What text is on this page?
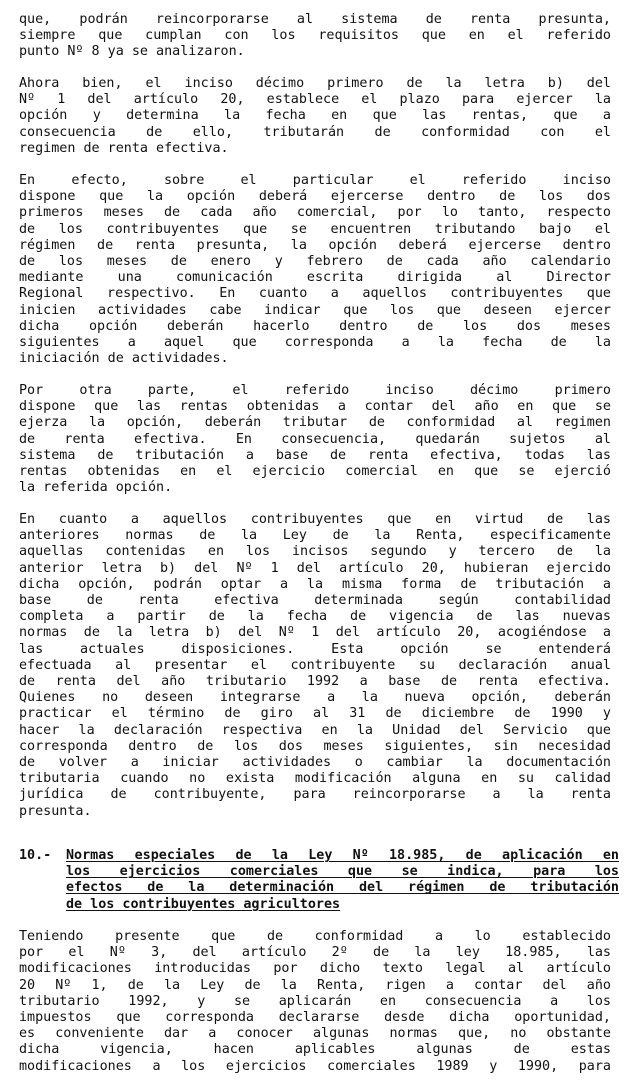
que, podrán reincorporarse al sistema de renta presunta,
siempre que cumplan con los requisitos que en el referido
punto Nº 8 ya se analizaron.
Ahora bien, el inciso décimo primero de la letra b) del
Nº 1 del artículo 20, establece el plazo para ejercer la
opción y determina la fecha en que las rentas, que a
consecuencia de ello, tributarán de conformidad con el
regimen de renta efectiva.
En efecto, sobre el particular el referido inciso
dispone que la opción deberá ejercerse dentro de los dos
primeros meses de cada año comercial, por lo tanto, respecto
de los contribuyentes que se encuentren tributando bajo el
régimen de renta presunta, la opción deberá ejercerse dentro
de los meses de enero y febrero de cada año calendario
mediante una comunicación escrita dirigida al Director
Regional respectivo. En cuanto a aquellos contribuyentes que
inicien actividades cabe indicar que los que deseen ejercer
dicha opción deberán hacerlo dentro de los dos meses
siguientes a aquel que corresponda a la fecha de la
iniciación de actividades.
Por otra parte, el referido inciso décimo primero
dispone que las rentas obtenidas a contar del año en que se
ejerza la opción, deberán tributar de conformidad al regimen
de renta efectiva. En consecuencia, quedarán sujetos al
sistema de tributación a base de renta efectiva, todas las
rentas obtenidas en el ejercicio comercial en que se ejerció
la referida opción.
En cuanto a aquellos contribuyentes que en virtud de las
anteriores normas de la Ley de la Renta, especificamente
aquellas contenidas en los incisos segundo y tercero de la
anterior letra b) del Nº 1 del artículo 20, hubieran ejercido
dicha opción, podrán optar a la misma forma de tributación a
base de renta efectiva determinada según contabilidad
completa a partir de la fecha de vigencia de las nuevas
normas de la letra b) del Nº 1 del artículo 20, acogiéndose a
las actuales disposiciones. Esta opción se entenderá
efectuada al presentar el contribuyente su declaración anual
de renta del año tributario 1992 a base de renta efectiva.
Quienes no deseen integrarse a la nueva opción, deberán
practicar el término de giro al 31 de diciembre de 1990 y
hacer la declaración respectiva en la Unidad del Servicio que
corresponda dentro de los dos meses siguientes, sin necesidad
de volver a iniciar actividades o cambiar la documentación
tributaria cuando no exista modificación alguna en su calidad
jurídica de contribuyente, para reincorporarse a la renta
presunta.
10.- Normas especiales de la Ley Nº 18.985, de aplicación en
los ejercicios comerciales que se indica, para los
efectos de la determinación del régimen de tributación
de los contribuyentes agricultores
Teniendo presente que de conformidad a lo establecido
por el Nº 3, del artículo 2º de la ley 18.985, las
modificaciones introducidas por dicho texto legal al artículo
20 Nº 1, de la Ley de la Renta, rigen a contar del año
tributario 1992, y se aplicarán en consecuencia a los
impuestos que corresponda declararse desde dicha oportunidad,
es conveniente dar a conocer algunas normas que, no obstante
dicha vigencia, hacen aplicables algunas de estas
modificaciones a los ejercicios comerciales 1989 y 1990, para
